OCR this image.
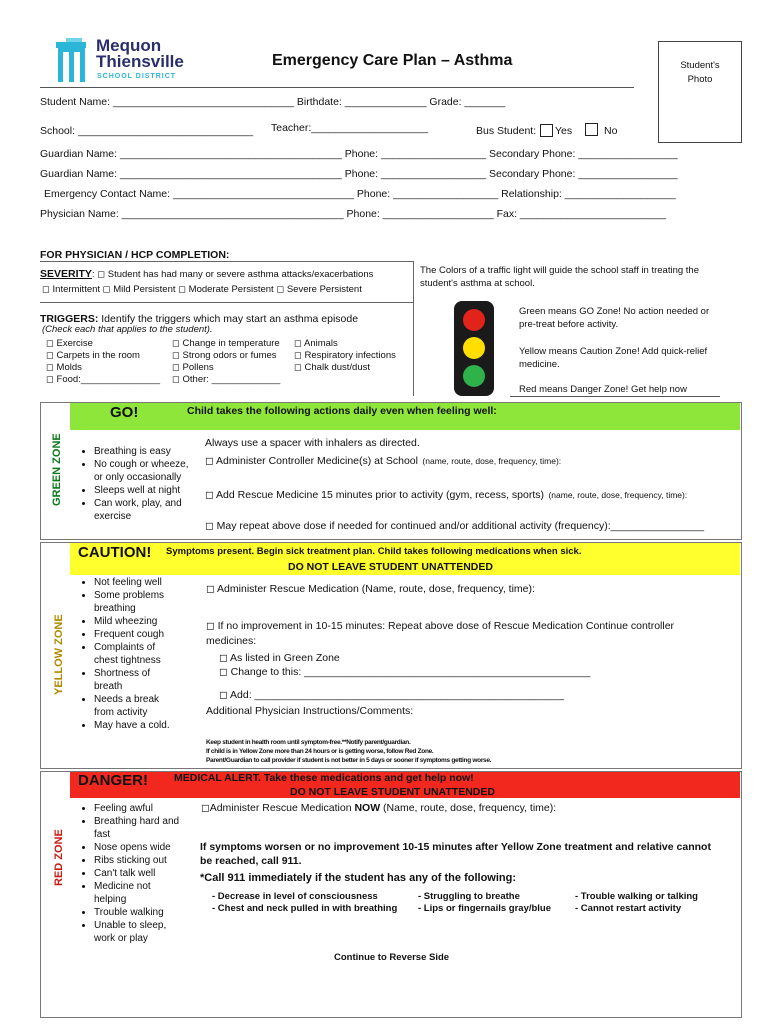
Mequon
Thiensville
SCHOOL DISTRICT
Emergency Care Plan – Asthma	Student's
Photo
Student Name: _______________________________ Birthdate: ______________ Grade: _______
School: ______________________________ Teacher:____________________	Bus Student: Yes	No
Guardian Name: ______________________________________ Phone: __________________ Secondary Phone: _________________
Guardian Name: ______________________________________ Phone: __________________ Secondary Phone: _________________
Emergency Contact Name: _______________________________ Phone: __________________ Relationship: ___________________
Physician Name: ______________________________________ Phone: ___________________ Fax: _________________________
FOR PHYSICIAN / HCP COMPLETION:
SEVERITY: ◻ Student has had many or severe asthma attacks/exacerbations
◻ Intermittent ◻ Mild Persistent ◻ Moderate Persistent ◻ Severe Persistent
TRIGGERS: Identify the triggers which may start an asthma episode
(Check each that applies to the student).
◻ Exercise
◻ Carpets in the room
◻ Molds
◻ Food:_______________
◻ Change in temperature
◻ Strong odors or fumes
◻ Pollens
◻ Other: _____________
◻ Animals
◻ Respiratory infections
◻ Chalk dust/dust
The Colors of a traffic light will guide the school staff in treating the student's asthma at school.
Green means GO Zone! No action needed or pre-treat before activity.
Yellow means Caution Zone! Add quick-relief medicine.
Red means Danger Zone! Get help now
GREEN ZONE
GO!	Child takes the following actions daily even when feeling well:
• Breathing is easy
• No cough or wheeze, or only occasionally
• Sleeps well at night
• Can work, play, and exercise
Always use a spacer with inhalers as directed.
◻ Administer Controller Medicine(s) at School (name, route, dose, frequency, time):
◻ Add Rescue Medicine 15 minutes prior to activity (gym, recess, sports) (name, route, dose, frequency, time):
◻ May repeat above dose if needed for continued and/or additional activity (frequency):________________
YELLOW ZONE
CAUTION! Symptoms present. Begin sick treatment plan. Child takes following medications when sick.
DO NOT LEAVE STUDENT UNATTENDED
• Not feeling well
• Some problems breathing
• Mild wheezing
• Frequent cough
• Complaints of chest tightness
• Shortness of breath
• Needs a break from activity
• May have a cold.
◻ Administer Rescue Medication (Name, route, dose, frequency, time):
◻ If no improvement in 10-15 minutes: Repeat above dose of Rescue Medication Continue controller medicines:
◻ As listed in Green Zone
◻ Change to this: _________________________________________________
◻ Add: _____________________________________________________
Additional Physician Instructions/Comments:
Keep student in health room until symptom-free.**Notify parent/guardian.
If child is in Yellow Zone more than 24 hours or is getting worse, follow Red Zone.
Parent/Guardian to call provider if student is not better in 5 days or sooner if symptoms getting worse.
RED ZONE
DANGER! MEDICAL ALERT. Take these medications and get help now!
DO NOT LEAVE STUDENT UNATTENDED
• Feeling awful
• Breathing hard and fast
• Nose opens wide
• Ribs sticking out
• Can't talk well
• Medicine not helping
• Trouble walking
• Unable to sleep, work or play
◻Administer Rescue Medication NOW (Name, route, dose, frequency, time):
If symptoms worsen or no improvement 10-15 minutes after Yellow Zone treatment and relative cannot be reached, call 911.
*Call 911 immediately if the student has any of the following:
- Decrease in level of consciousness
- Chest and neck pulled in with breathing
- Struggling to breathe
- Lips or fingernails gray/blue
- Trouble walking or talking
- Cannot restart activity
Continue to Reverse Side
